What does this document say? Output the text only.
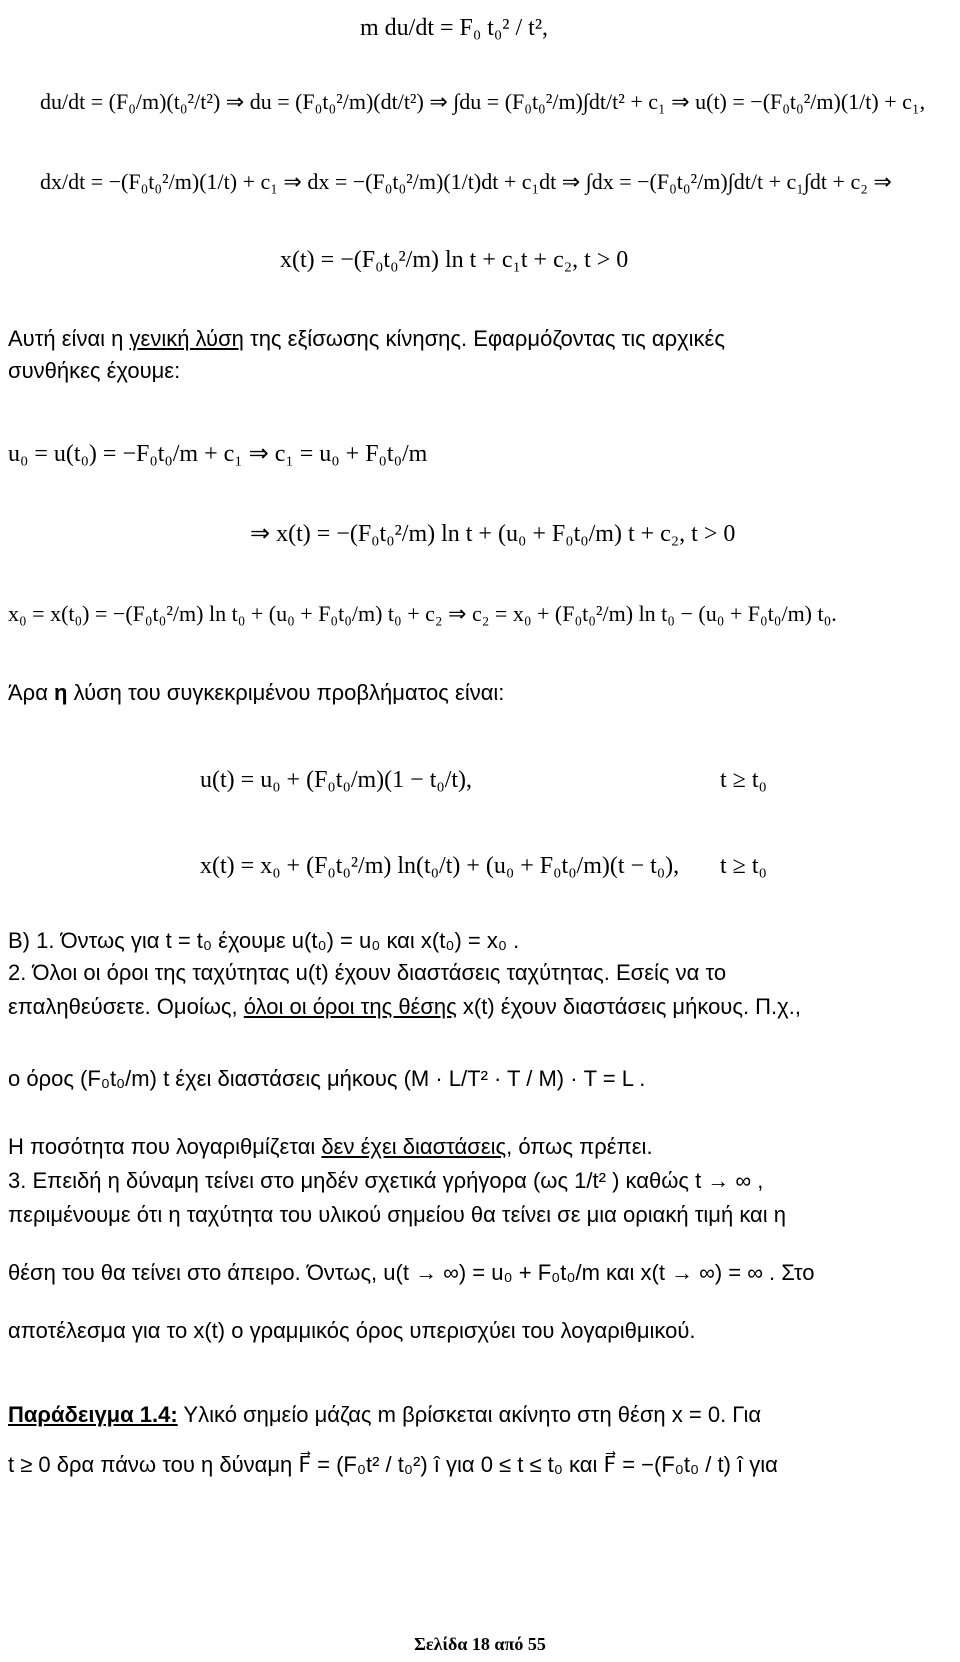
m du/dt = F₀ t₀² / t²,
du/dt = (F₀/m)(t₀²/t²) ⇒ du = (F₀t₀²/m)(dt/t²) ⇒ ∫du = (F₀t₀²/m)∫dt/t² + c₁ ⇒ u(t) = −(F₀t₀²/m)(1/t) + c₁,
dx/dt = −(F₀t₀²/m)(1/t) + c₁ ⇒ dx = −(F₀t₀²/m)(1/t)dt + c₁dt ⇒ ∫dx = −(F₀t₀²/m)∫dt/t + c₁∫dt + c₂ ⇒
x(t) = −(F₀t₀²/m) ln t + c₁t + c₂, t > 0
Αυτή είναι η γενική λύση της εξίσωσης κίνησης. Εφαρμόζοντας τις αρχικές
συνθήκες έχουμε:
u₀ = u(t₀) = −F₀t₀/m + c₁ ⇒ c₁ = u₀ + F₀t₀/m
⇒ x(t) = −(F₀t₀²/m) ln t + (u₀ + F₀t₀/m) t + c₂, t > 0
x₀ = x(t₀) = −(F₀t₀²/m) ln t₀ + (u₀ + F₀t₀/m) t₀ + c₂ ⇒ c₂ = x₀ + (F₀t₀²/m) ln t₀ − (u₀ + F₀t₀/m) t₀.
Άρα η λύση του συγκεκριμένου προβλήματος είναι:
u(t) = u₀ + (F₀t₀/m)(1 − t₀/t),	t ≥ t₀
x(t) = x₀ + (F₀t₀²/m) ln(t₀/t) + (u₀ + F₀t₀/m)(t − t₀), t ≥ t₀
Β) 1. Όντως για t = t₀ έχουμε u(t₀) = u₀ και x(t₀) = x₀ .
2. Όλοι οι όροι της ταχύτητας u(t) έχουν διαστάσεις ταχύτητας. Εσείς να το
επαληθεύσετε. Ομοίως, όλοι οι όροι της θέσης x(t) έχουν διαστάσεις μήκους. Π.χ.,
ο όρος (F₀t₀/m) t έχει διαστάσεις μήκους (M · L/T² · T / M) · T = L .
Η ποσότητα που λογαριθμίζεται δεν έχει διαστάσεις, όπως πρέπει.
3. Επειδή η δύναμη τείνει στο μηδέν σχετικά γρήγορα (ως 1/t² ) καθώς t → ∞ ,
περιμένουμε ότι η ταχύτητα του υλικού σημείου θα τείνει σε μια οριακή τιμή και η
θέση του θα τείνει στο άπειρο. Όντως, u(t → ∞) = u₀ + F₀t₀/m και x(t → ∞) = ∞ . Στο
αποτέλεσμα για το x(t) ο γραμμικός όρος υπερισχύει του λογαριθμικού.
Παράδειγμα 1.4: Υλικό σημείο μάζας m βρίσκεται ακίνητο στη θέση x = 0. Για
t ≥ 0 δρα πάνω του η δύναμη F⃗ = (F₀t² / t₀²) î για 0 ≤ t ≤ t₀ και F⃗ = −(F₀t₀ / t) î για
Σελίδα 18 από 55
